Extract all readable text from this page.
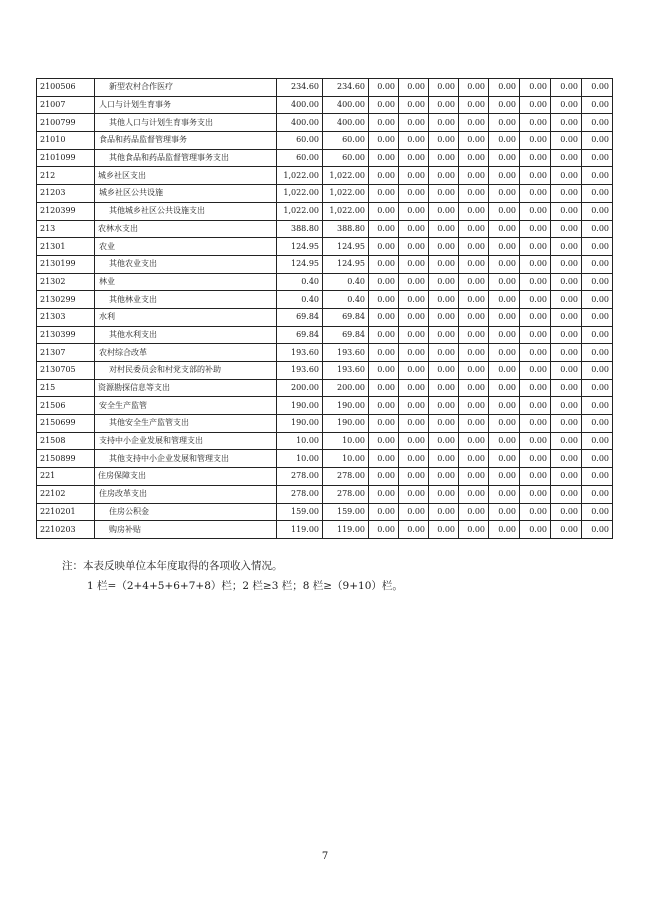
2100506	新型农村合作医疗	234.60	234.60	0.00	0.00	0.00	0.00	0.00	0.00	0.00	0.00
21007	人口与计划生育事务	400.00	400.00	0.00	0.00	0.00	0.00	0.00	0.00	0.00	0.00
2100799	其他人口与计划生育事务支出	400.00	400.00	0.00	0.00	0.00	0.00	0.00	0.00	0.00	0.00
21010	食品和药品监督管理事务	60.00	60.00	0.00	0.00	0.00	0.00	0.00	0.00	0.00	0.00
2101099	其他食品和药品监督管理事务支出	60.00	60.00	0.00	0.00	0.00	0.00	0.00	0.00	0.00	0.00
212	城乡社区支出	1,022.00	1,022.00	0.00	0.00	0.00	0.00	0.00	0.00	0.00	0.00
21203	城乡社区公共设施	1,022.00	1,022.00	0.00	0.00	0.00	0.00	0.00	0.00	0.00	0.00
2120399	其他城乡社区公共设施支出	1,022.00	1,022.00	0.00	0.00	0.00	0.00	0.00	0.00	0.00	0.00
213	农林水支出	388.80	388.80	0.00	0.00	0.00	0.00	0.00	0.00	0.00	0.00
21301	农业	124.95	124.95	0.00	0.00	0.00	0.00	0.00	0.00	0.00	0.00
2130199	其他农业支出	124.95	124.95	0.00	0.00	0.00	0.00	0.00	0.00	0.00	0.00
21302	林业	0.40	0.40	0.00	0.00	0.00	0.00	0.00	0.00	0.00	0.00
2130299	其他林业支出	0.40	0.40	0.00	0.00	0.00	0.00	0.00	0.00	0.00	0.00
21303	水利	69.84	69.84	0.00	0.00	0.00	0.00	0.00	0.00	0.00	0.00
2130399	其他水利支出	69.84	69.84	0.00	0.00	0.00	0.00	0.00	0.00	0.00	0.00
21307	农村综合改革	193.60	193.60	0.00	0.00	0.00	0.00	0.00	0.00	0.00	0.00
2130705	对村民委员会和村党支部的补助	193.60	193.60	0.00	0.00	0.00	0.00	0.00	0.00	0.00	0.00
215	资源勘探信息等支出	200.00	200.00	0.00	0.00	0.00	0.00	0.00	0.00	0.00	0.00
21506	安全生产监管	190.00	190.00	0.00	0.00	0.00	0.00	0.00	0.00	0.00	0.00
2150699	其他安全生产监管支出	190.00	190.00	0.00	0.00	0.00	0.00	0.00	0.00	0.00	0.00
21508	支持中小企业发展和管理支出	10.00	10.00	0.00	0.00	0.00	0.00	0.00	0.00	0.00	0.00
2150899	其他支持中小企业发展和管理支出	10.00	10.00	0.00	0.00	0.00	0.00	0.00	0.00	0.00	0.00
221	住房保障支出	278.00	278.00	0.00	0.00	0.00	0.00	0.00	0.00	0.00	0.00
22102	住房改革支出	278.00	278.00	0.00	0.00	0.00	0.00	0.00	0.00	0.00	0.00
2210201	住房公积金	159.00	159.00	0.00	0.00	0.00	0.00	0.00	0.00	0.00	0.00
2210203	购房补贴	119.00	119.00	0.00	0.00	0.00	0.00	0.00	0.00	0.00	0.00
注：本表反映单位本年度取得的各项收入情况。
1 栏=（2+4+5+6+7+8）栏；2 栏≥3 栏；8 栏≥（9+10）栏。
7
